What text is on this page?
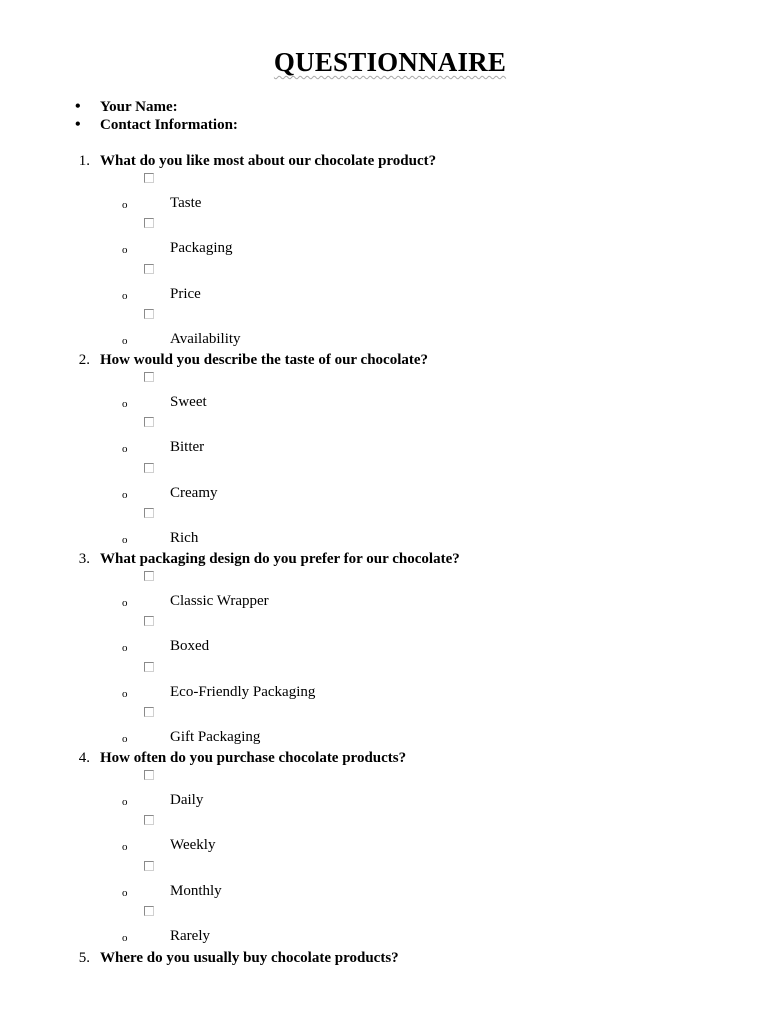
QUESTIONNAIRE
• Your Name:
• Contact Information:
1. What do you like most about our chocolate product?
o	Taste
o	Packaging
o	Price
o	Availability
2. How would you describe the taste of our chocolate?
o	Sweet
o	Bitter
o	Creamy
o	Rich
3. What packaging design do you prefer for our chocolate?
o	Classic Wrapper
o	Boxed
o	Eco-Friendly Packaging
o	Gift Packaging
4. How often do you purchase chocolate products?
o	Daily
o	Weekly
o	Monthly
o	Rarely
5. Where do you usually buy chocolate products?
